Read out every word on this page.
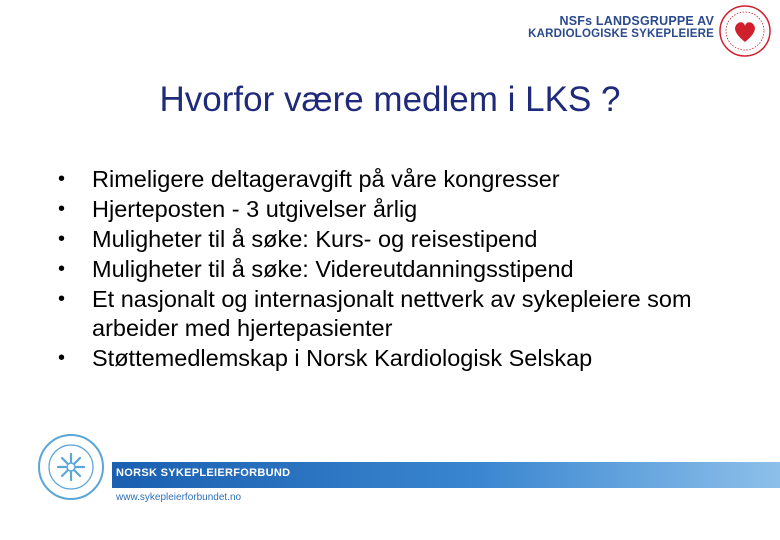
NSFs LANDSGRUPPE AV
KARDIOLOGISKE SYKEPLEIERE
Hvorfor være medlem i LKS ?
•	Rimeligere deltageravgift på våre kongresser
•	Hjerteposten - 3 utgivelser årlig
•	Muligheter til å søke: Kurs- og reisestipend
•	Muligheter til å søke: Videreutdanningsstipend
•	Et nasjonalt og internasjonalt nettverk av sykepleiere som arbeider med hjertepasienter
•	Støttemedlemskap i Norsk Kardiologisk Selskap
NORSK SYKEPLEIERFORBUND
www.sykepleierforbundet.no
